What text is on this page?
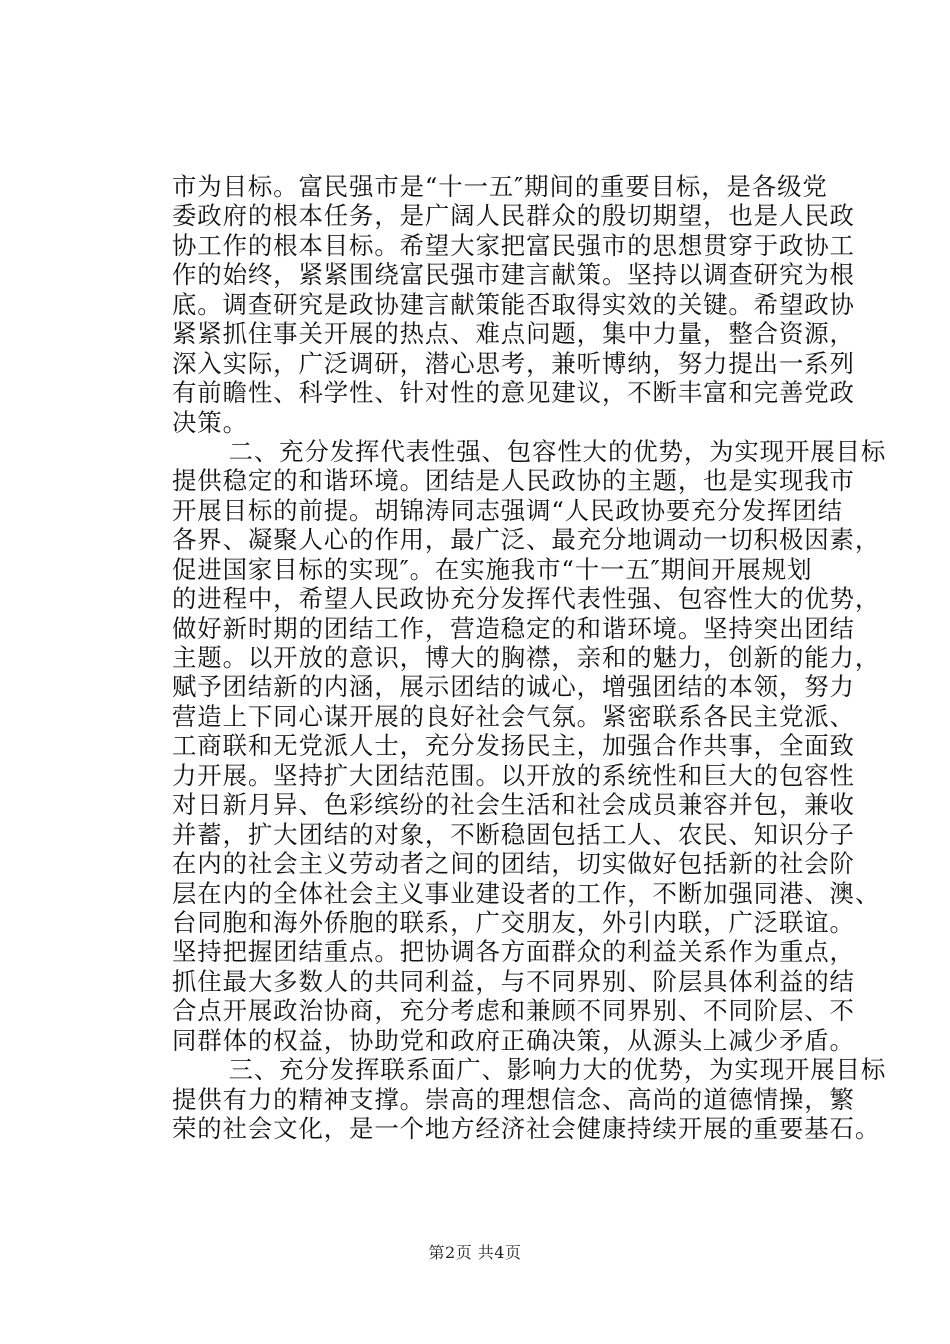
市为目标。富民强市是“十一五″期间的重要目标，是各级党
委政府的根本任务，是广阔人民群众的殷切期望，也是人民政
协工作的根本目标。希望大家把富民强市的思想贯穿于政协工
作的始终，紧紧围绕富民强市建言献策。坚持以调查研究为根
底。调查研究是政协建言献策能否取得实效的关键。希望政协
紧紧抓住事关开展的热点、难点问题，集中力量，整合资源，
深入实际，广泛调研，潜心思考，兼听博纳，努力提出一系列
有前瞻性、科学性、针对性的意见建议，不断丰富和完善党政
决策。
　　二、充分发挥代表性强、包容性大的优势，为实现开展目标
提供稳定的和谐环境。团结是人民政协的主题，也是实现我市
开展目标的前提。胡锦涛同志强调“人民政协要充分发挥团结
各界、凝聚人心的作用，最广泛、最充分地调动一切积极因素，
促进国家目标的实现″。在实施我市“十一五″期间开展规划
的进程中，希望人民政协充分发挥代表性强、包容性大的优势，
做好新时期的团结工作，营造稳定的和谐环境。坚持突出团结
主题。以开放的意识，博大的胸襟，亲和的魅力，创新的能力，
赋予团结新的内涵，展示团结的诚心，增强团结的本领，努力
营造上下同心谋开展的良好社会气氛。紧密联系各民主党派、
工商联和无党派人士，充分发扬民主，加强合作共事，全面致
力开展。坚持扩大团结范围。以开放的系统性和巨大的包容性
对日新月异、色彩缤纷的社会生活和社会成员兼容并包，兼收
并蓄，扩大团结的对象，不断稳固包括工人、农民、知识分子
在内的社会主义劳动者之间的团结，切实做好包括新的社会阶
层在内的全体社会主义事业建设者的工作，不断加强同港、澳、
台同胞和海外侨胞的联系，广交朋友，外引内联，广泛联谊。
坚持把握团结重点。把协调各方面群众的利益关系作为重点，
抓住最大多数人的共同利益，与不同界别、阶层具体利益的结
合点开展政治协商，充分考虑和兼顾不同界别、不同阶层、不
同群体的权益，协助党和政府正确决策，从源头上减少矛盾。
　　三、充分发挥联系面广、影响力大的优势，为实现开展目标
提供有力的精神支撑。崇高的理想信念、高尚的道德情操，繁
荣的社会文化，是一个地方经济社会健康持续开展的重要基石。
第2页 共4页
